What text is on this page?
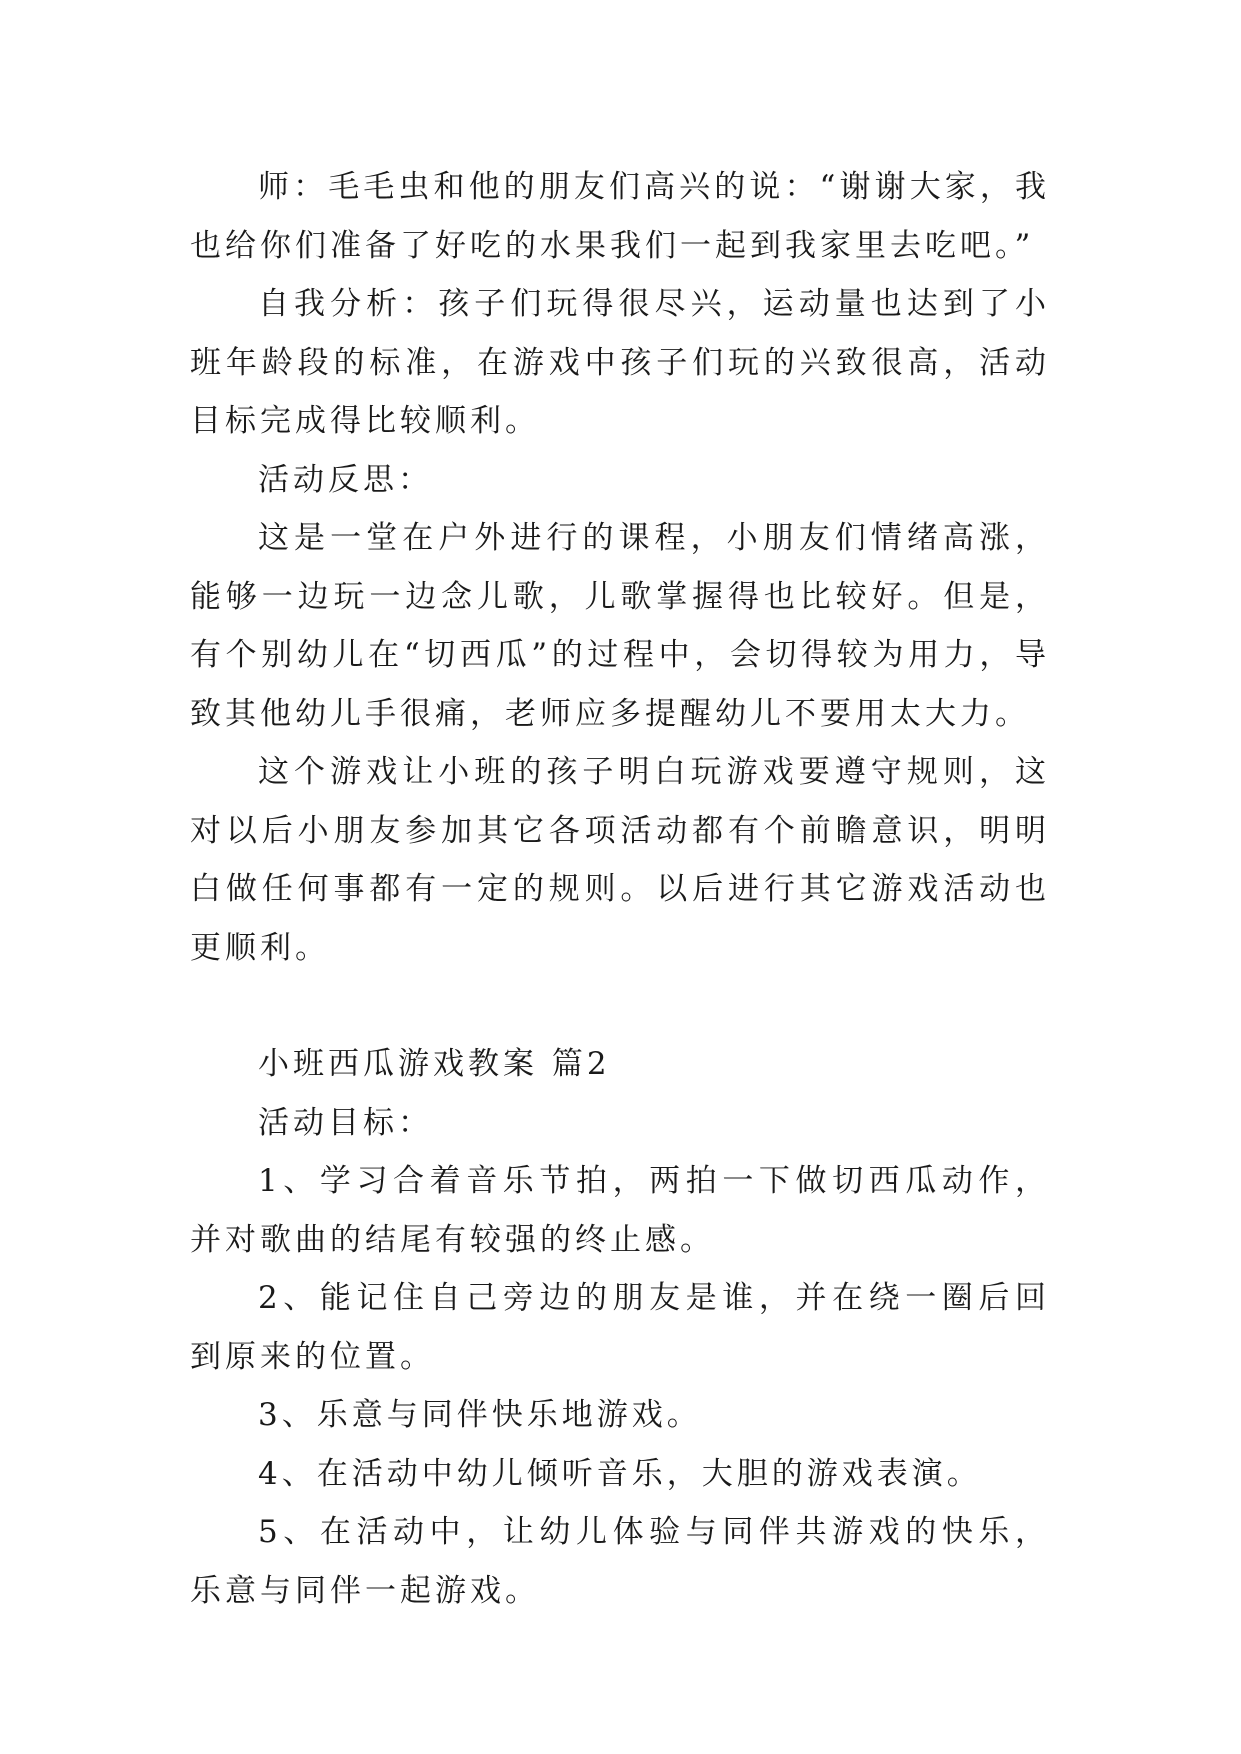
师：毛毛虫和他的朋友们高兴的说：“谢谢大家，我也给你们准备了好吃的水果我们一起到我家里去吃吧。”

自我分析：孩子们玩得很尽兴，运动量也达到了小班年龄段的标准，在游戏中孩子们玩的兴致很高，活动目标完成得比较顺利。

活动反思：

这是一堂在户外进行的课程，小朋友们情绪高涨，能够一边玩一边念儿歌，儿歌掌握得也比较好。但是，有个别幼儿在“切西瓜”的过程中，会切得较为用力，导致其他幼儿手很痛，老师应多提醒幼儿不要用太大力。

这个游戏让小班的孩子明白玩游戏要遵守规则，这对以后小朋友参加其它各项活动都有个前瞻意识，明明白做任何事都有一定的规则。以后进行其它游戏活动也更顺利。

小班西瓜游戏教案 篇2

活动目标：

1、学习合着音乐节拍，两拍一下做切西瓜动作，并对歌曲的结尾有较强的终止感。

2、能记住自己旁边的朋友是谁，并在绕一圈后回到原来的位置。

3、乐意与同伴快乐地游戏。

4、在活动中幼儿倾听音乐，大胆的游戏表演。

5、在活动中，让幼儿体验与同伴共游戏的快乐，乐意与同伴一起游戏。
